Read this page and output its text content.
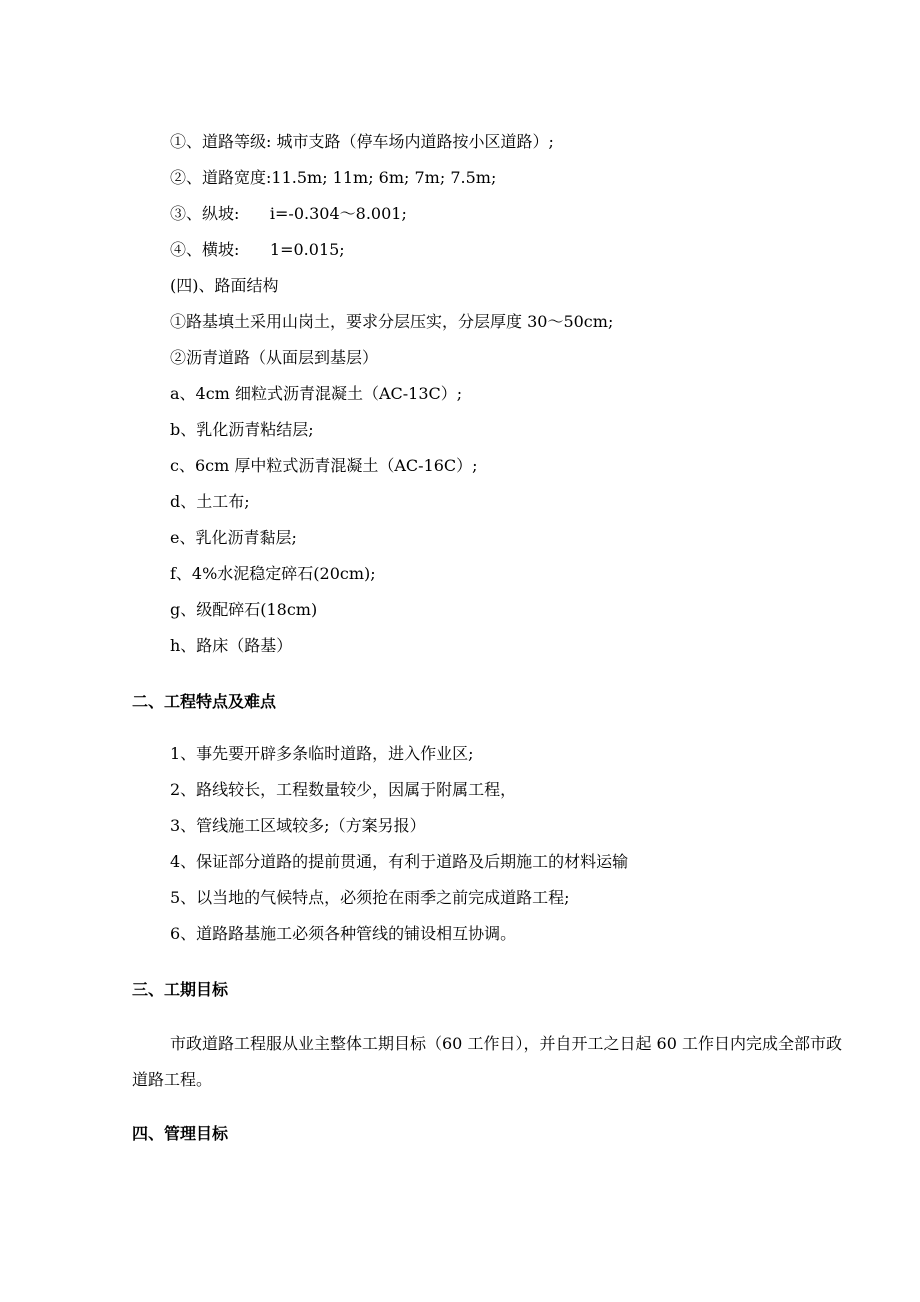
①、道路等级: 城市支路（停车场内道路按小区道路）;
②、道路宽度:11.5m; 11m; 6m; 7m; 7.5m;
③、纵坡:      i=-0.304～8.001;
④、横坡:      1=0.015;
(四)、路面结构
①路基填土采用山岗土，要求分层压实，分层厚度 30～50cm;
②沥青道路（从面层到基层）
a、4cm 细粒式沥青混凝土（AC-13C）;
b、乳化沥青粘结层;
c、6cm 厚中粒式沥青混凝土（AC-16C）;
d、土工布;
e、乳化沥青黏层;
f、4%水泥稳定碎石(20cm);
g、级配碎石(18cm)
h、路床（路基）
二、工程特点及难点
1、事先要开辟多条临时道路，进入作业区;
2、路线较长，工程数量较少，因属于附属工程，
3、管线施工区域较多;（方案另报）
4、保证部分道路的提前贯通，有利于道路及后期施工的材料运输
5、以当地的气候特点，必须抢在雨季之前完成道路工程;
6、道路路基施工必须各种管线的铺设相互协调。
三、工期目标
市政道路工程服从业主整体工期目标（60 工作日），并自开工之日起 60 工作日内完成全部市政道路工程。
四、管理目标
